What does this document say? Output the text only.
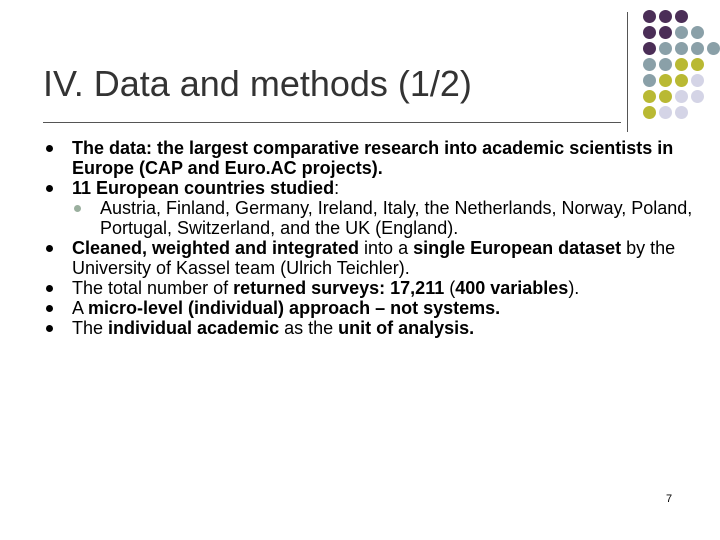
IV. Data and methods (1/2)
The data: the largest comparative research into academic scientists in Europe (CAP and Euro.AC projects).
11 European countries studied:
Austria, Finland, Germany, Ireland, Italy, the Netherlands, Norway, Poland, Portugal, Switzerland, and the UK (England).
Cleaned, weighted and integrated into a single European dataset by the University of Kassel team (Ulrich Teichler).
The total number of returned surveys: 17,211 (400 variables).
A micro-level (individual) approach – not systems.
The individual academic as the unit of analysis.
7
